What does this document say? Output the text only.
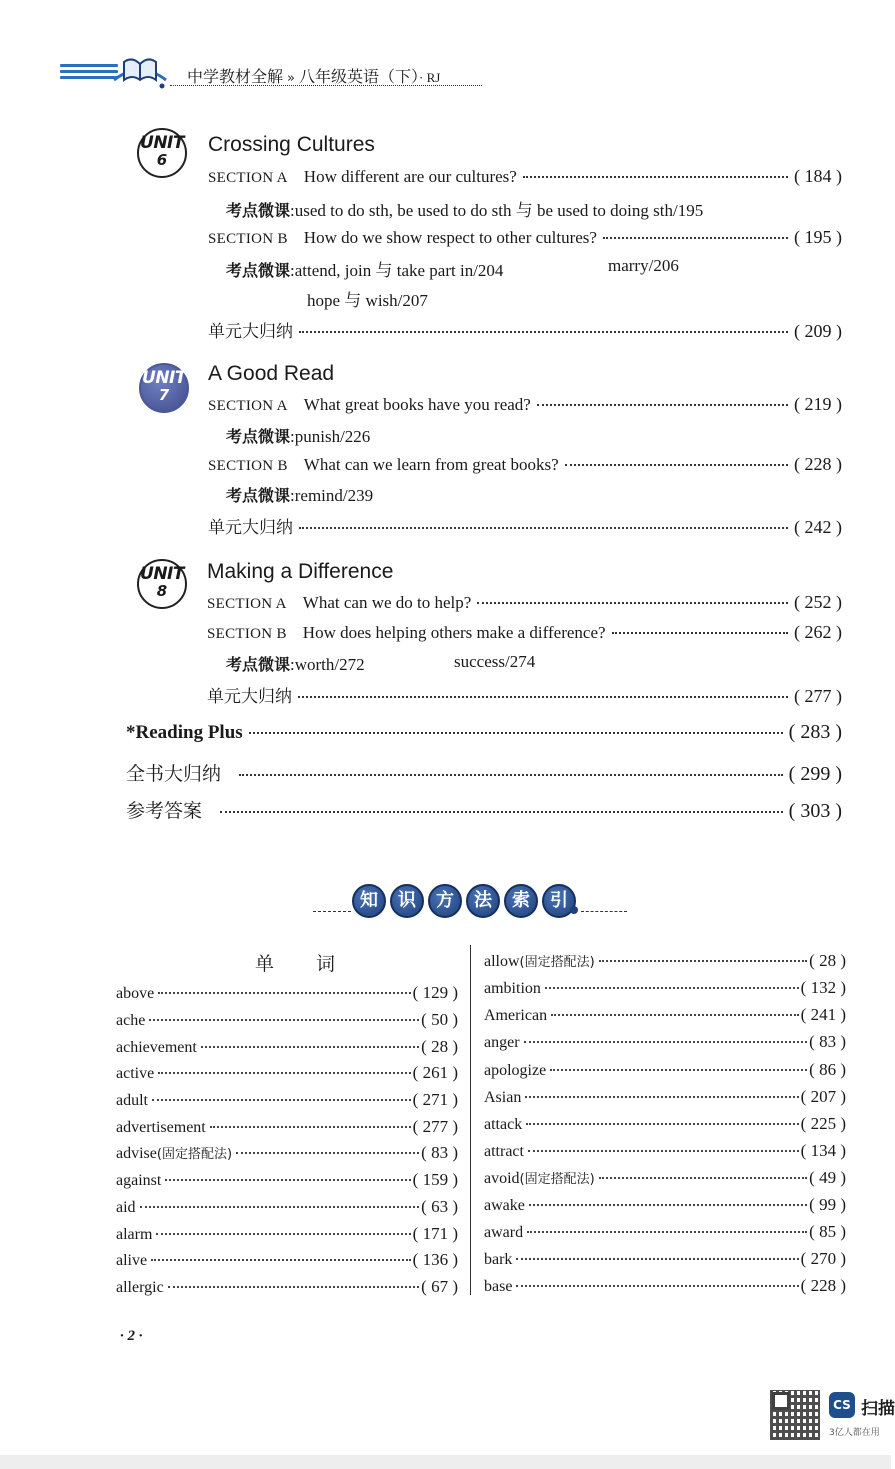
中学教材全解 » 八年级英语（下）· RJ
UNIT
6
Crossing Cultures
SECTION A How different are our cultures?	( 184 )
考点微课:used to do sth, be used to do sth 与 be used to doing sth/195
SECTION B How do we show respect to other cultures?	( 195 )
考点微课:attend, join 与 take part in/204	marry/206
hope 与 wish/207
单元大归纳	( 209 )
UNIT
7
A Good Read
SECTION A What great books have you read?	( 219 )
考点微课:punish/226
SECTION B What can we learn from great books?	( 228 )
考点微课:remind/239
单元大归纳	( 242 )
UNIT
8
Making a Difference
SECTION A What can we do to help?	( 252 )
SECTION B How does helping others make a difference?	( 262 )
考点微课:worth/272	success/274
单元大归纳	( 277 )
*Reading Plus	( 283 )
全书大归纳	( 299 )
参考答案	( 303 )
知	识	方	法	索	引
单 词
above	( 129 )
ache	( 50 )
achievement	( 28 )
active	( 261 )
adult	( 271 )
advertisement	( 277 )
advise (固定搭配法)	( 83 )
against	( 159 )
aid	( 63 )
alarm	( 171 )
alive	( 136 )
allergic	( 67 )
allow (固定搭配法)	( 28 )
ambition	( 132 )
American	( 241 )
anger	( 83 )
apologize	( 86 )
Asian	( 207 )
attack	( 225 )
attract	( 134 )
avoid (固定搭配法)	( 49 )
awake	( 99 )
award	( 85 )
bark	( 270 )
base	( 228 )
· 2 ·
CS 扫描
3亿人都在用
